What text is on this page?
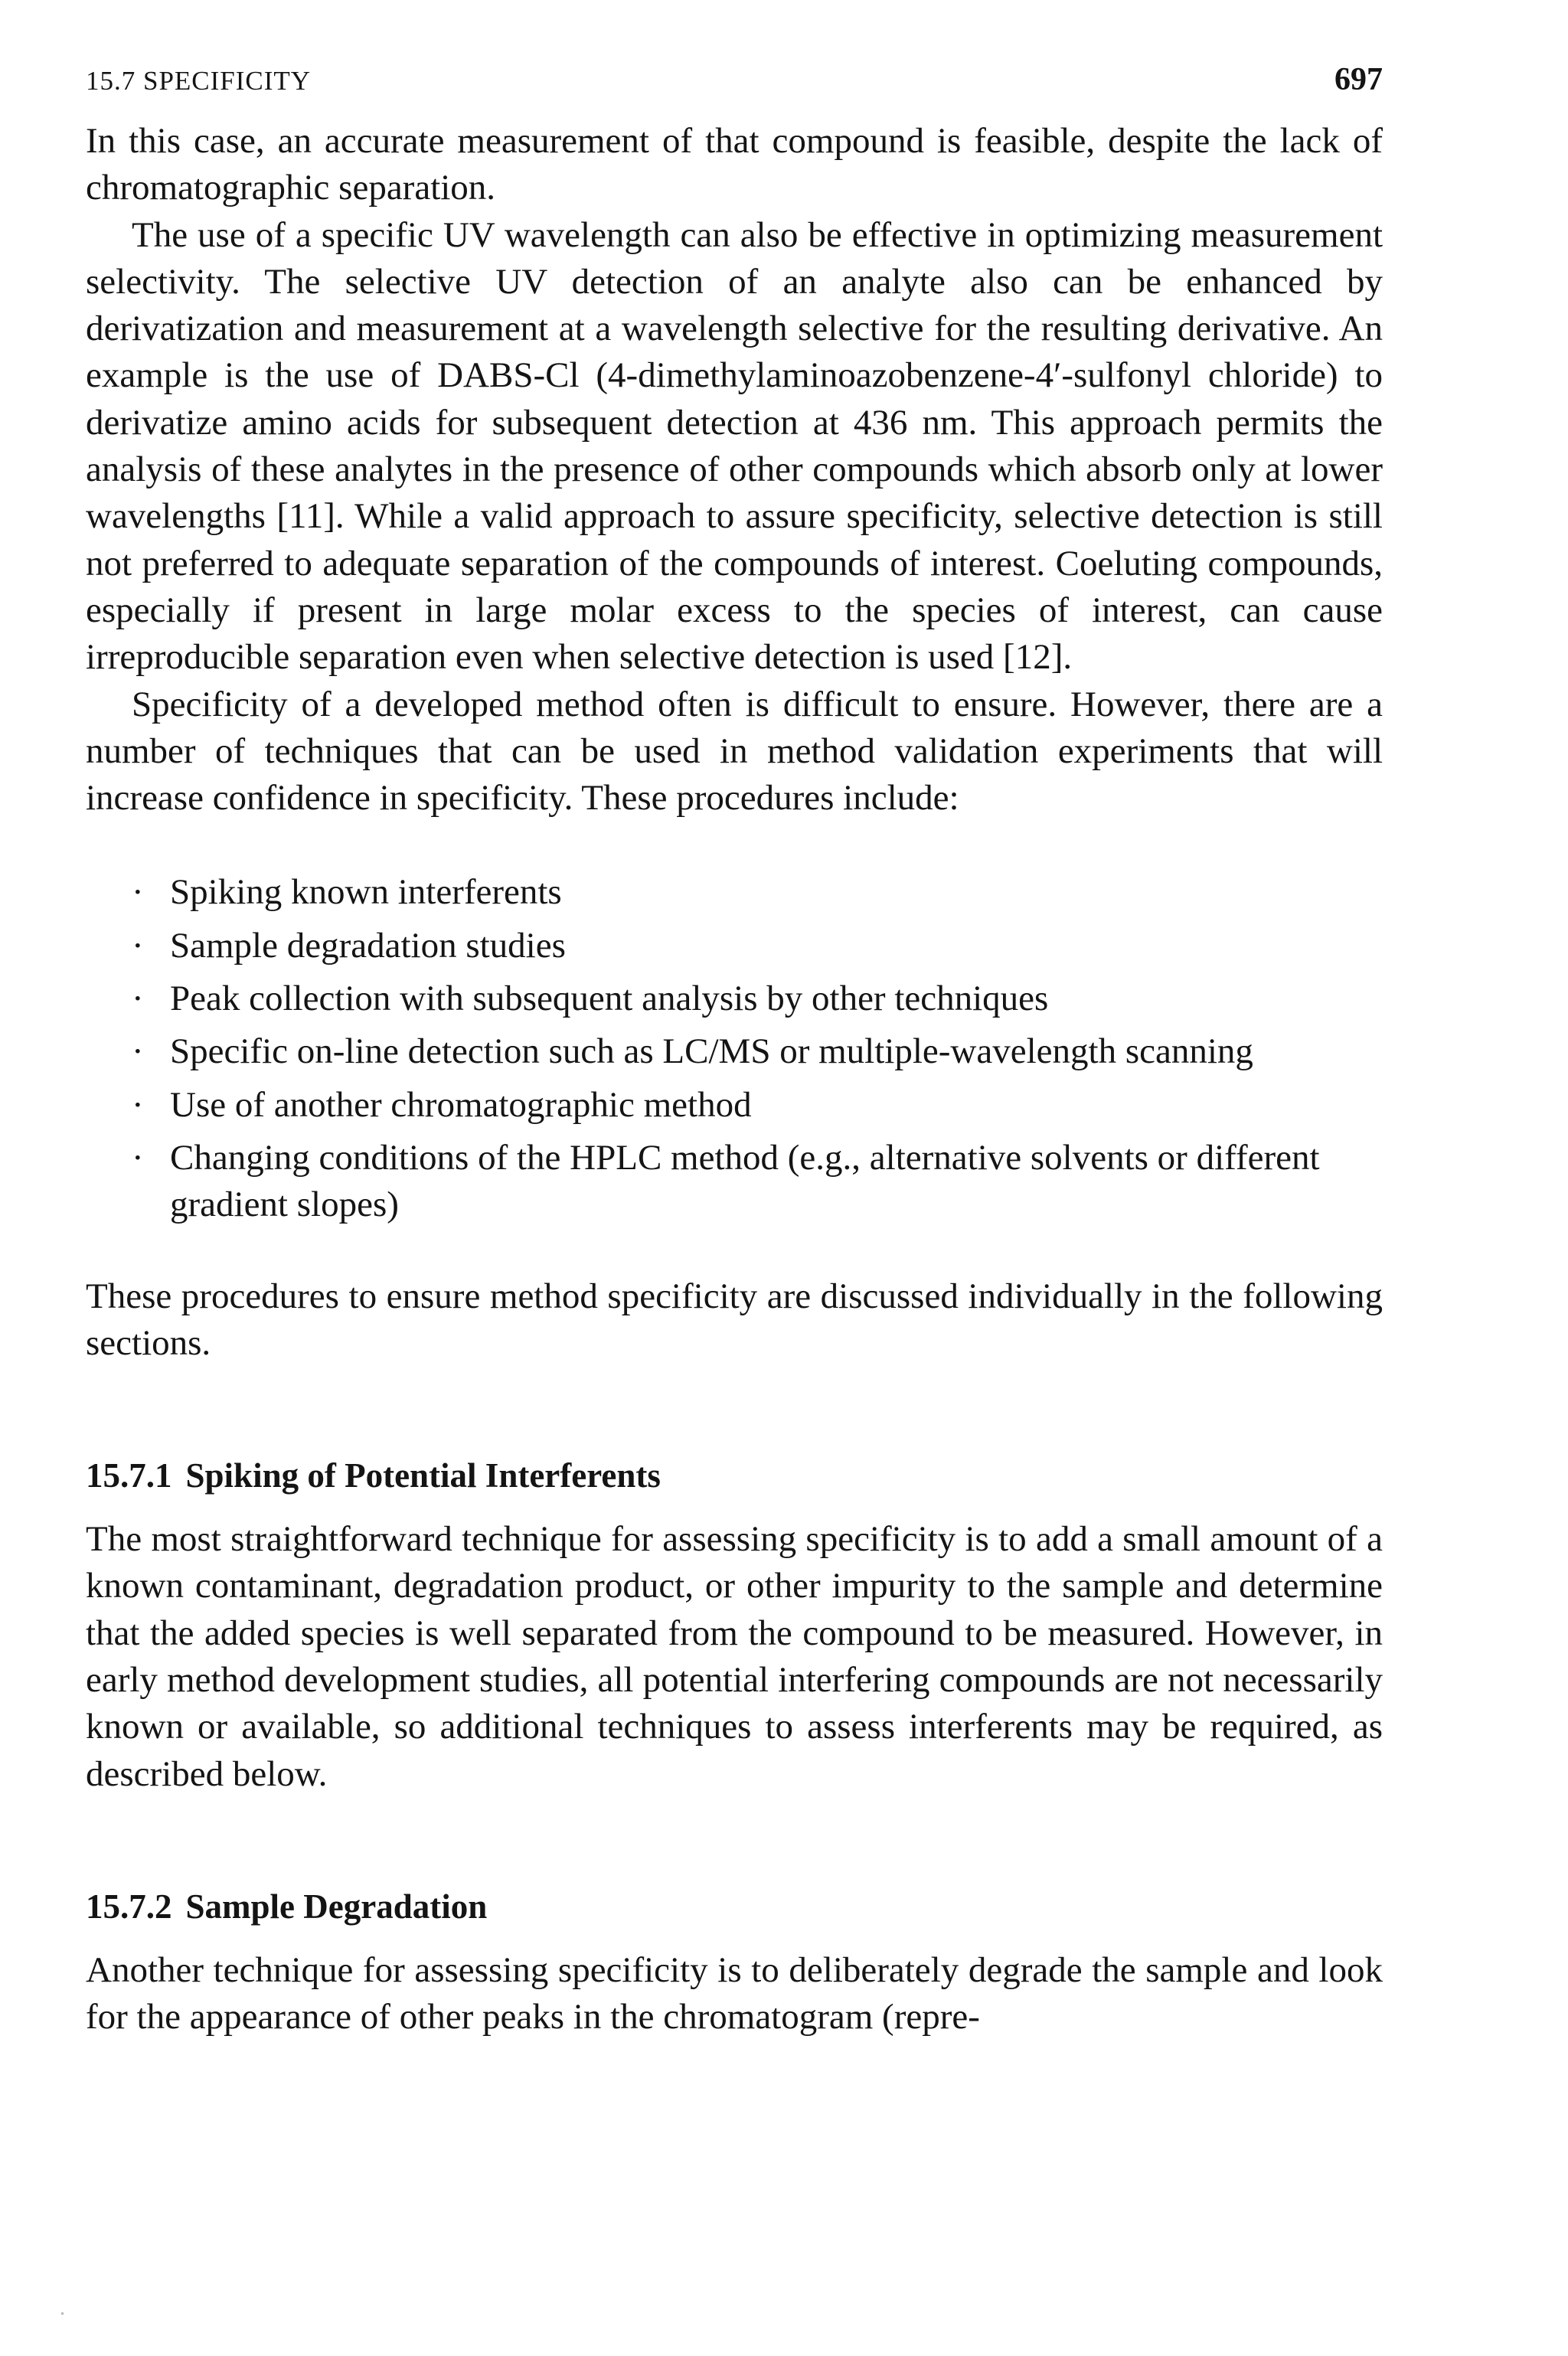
15.7 SPECIFICITY	697

In this case, an accurate measurement of that compound is feasible, despite the lack of chromatographic separation.

The use of a specific UV wavelength can also be effective in optimizing measurement selectivity. The selective UV detection of an analyte also can be enhanced by derivatization and measurement at a wavelength selective for the resulting derivative. An example is the use of DABS-Cl (4-dimethylaminoazobenzene-4′-sulfonyl chloride) to derivatize amino acids for subsequent detection at 436 nm. This approach permits the analysis of these analytes in the presence of other compounds which absorb only at lower wavelengths [11]. While a valid approach to assure specificity, selective detection is still not preferred to adequate separation of the compounds of interest. Coeluting compounds, especially if present in large molar excess to the species of interest, can cause irreproducible separation even when selective detection is used [12].

Specificity of a developed method often is difficult to ensure. However, there are a number of techniques that can be used in method validation experiments that will increase confidence in specificity. These procedures include:

· Spiking known interferents
· Sample degradation studies
· Peak collection with subsequent analysis by other techniques
· Specific on-line detection such as LC/MS or multiple-wavelength scanning
· Use of another chromatographic method
· Changing conditions of the HPLC method (e.g., alternative solvents or different gradient slopes)

These procedures to ensure method specificity are discussed individually in the following sections.

15.7.1 Spiking of Potential Interferents

The most straightforward technique for assessing specificity is to add a small amount of a known contaminant, degradation product, or other impurity to the sample and determine that the added species is well separated from the compound to be measured. However, in early method development studies, all potential interfering compounds are not necessarily known or available, so additional techniques to assess interferents may be required, as described below.

15.7.2 Sample Degradation

Another technique for assessing specificity is to deliberately degrade the sample and look for the appearance of other peaks in the chromatogram (repre-
